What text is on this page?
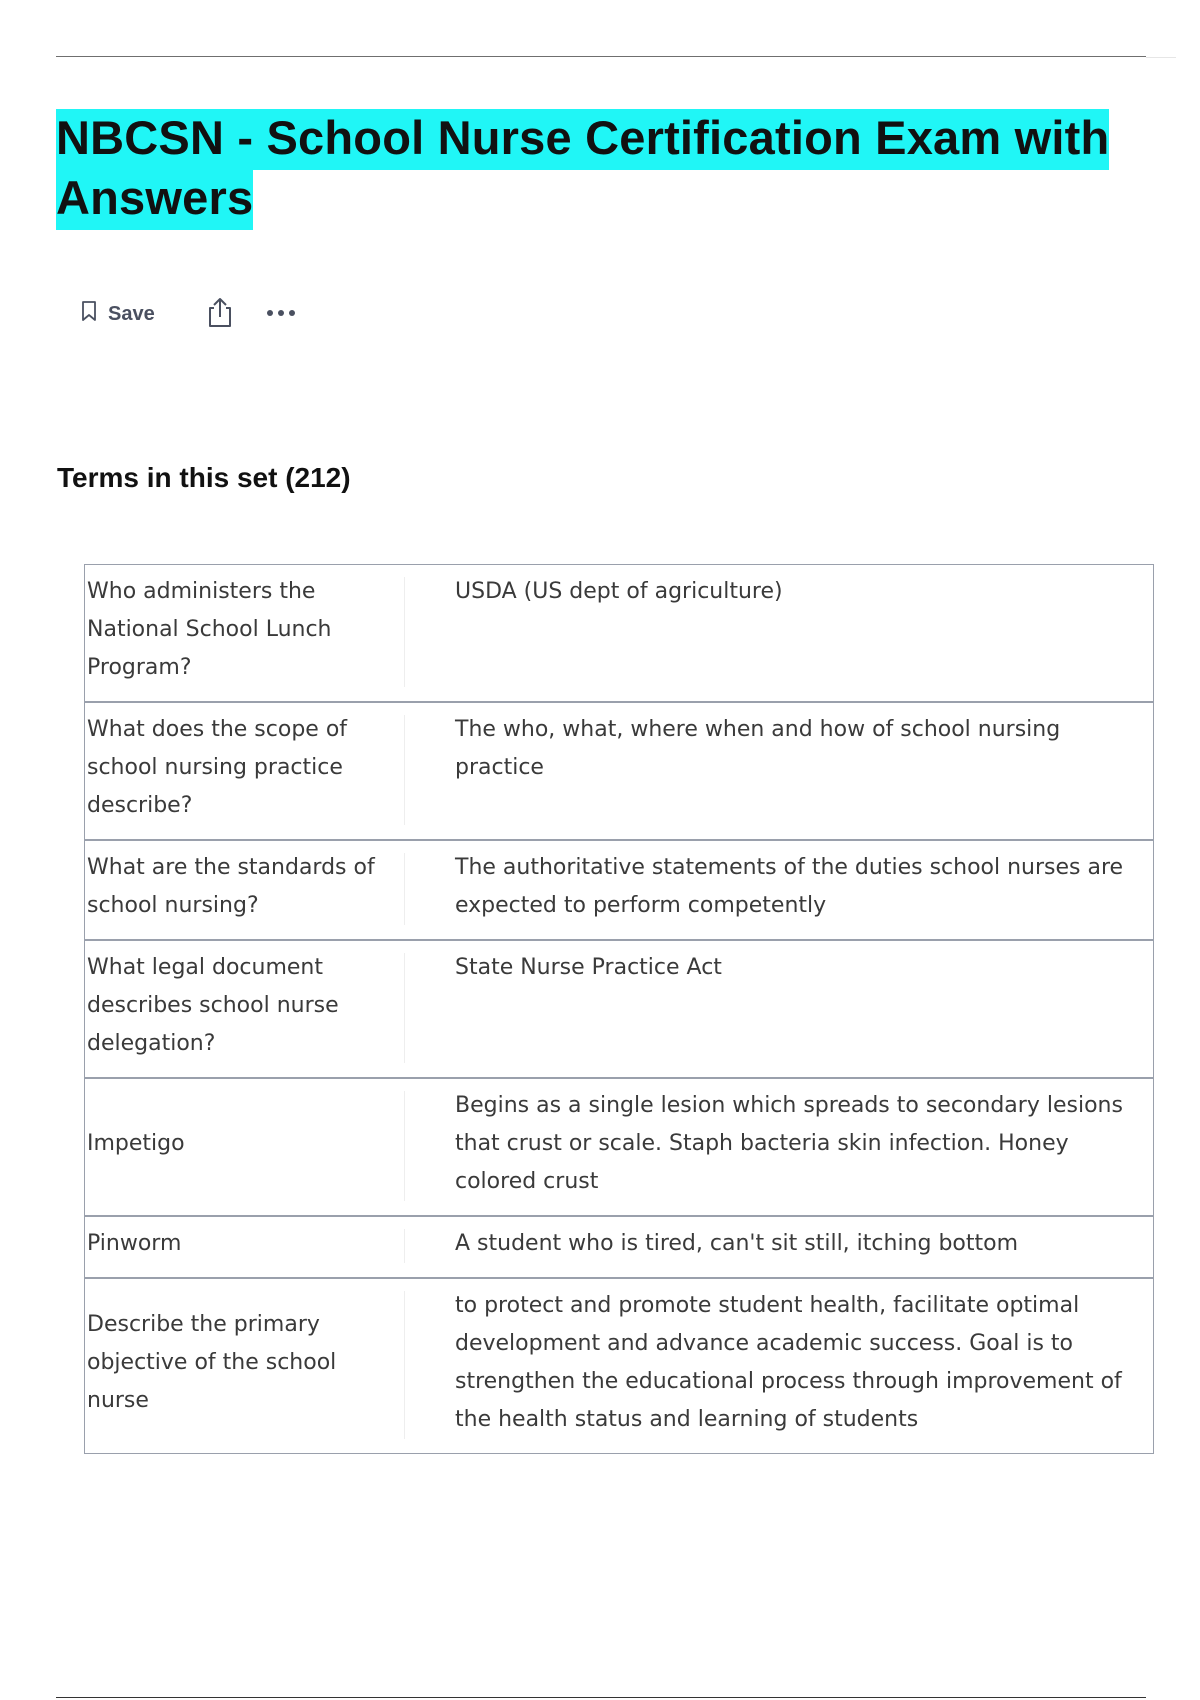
NBCSN - School Nurse Certification Exam with Answers
Save
Terms in this set (212)
Who administers the National School Lunch Program?	USDA (US dept of agriculture)
What does the scope of school nursing practice describe?	The who, what, where when and how of school nursing practice
What are the standards of school nursing?	The authoritative statements of the duties school nurses are expected to perform competently
What legal document describes school nurse delegation?	State Nurse Practice Act
Impetigo	Begins as a single lesion which spreads to secondary lesions that crust or scale. Staph bacteria skin infection. Honey colored crust
Pinworm	A student who is tired, can't sit still, itching bottom
Describe the primary objective of the school nurse	to protect and promote student health, facilitate optimal development and advance academic success. Goal is to strengthen the educational process through improvement of the health status and learning of students
